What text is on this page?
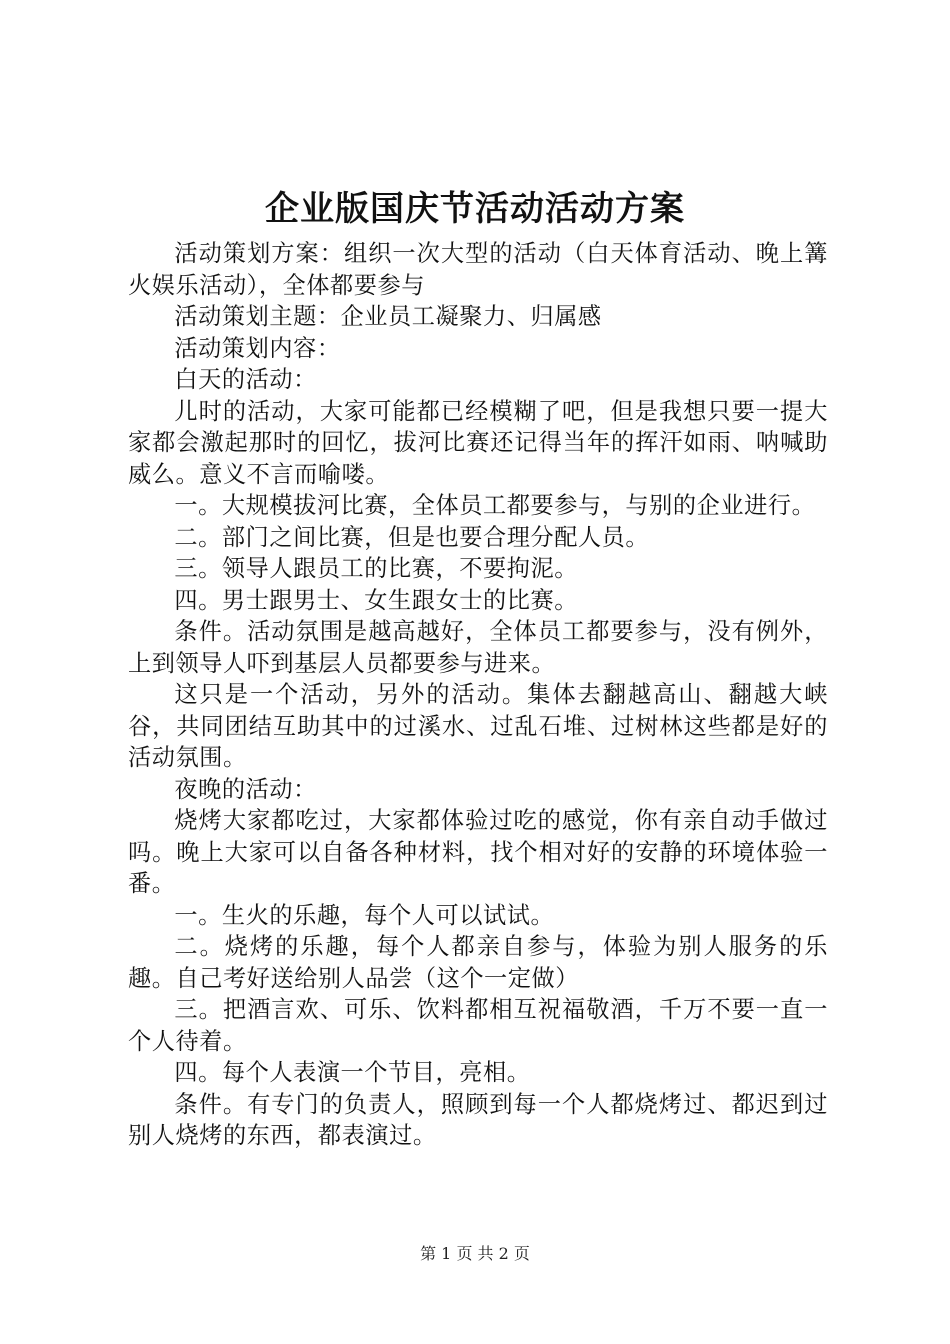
企业版国庆节活动活动方案

活动策划方案：组织一次大型的活动（白天体育活动、晚上篝火娱乐活动），全体都要参与

活动策划主题：企业员工凝聚力、归属感

活动策划内容：

白天的活动：

儿时的活动，大家可能都已经模糊了吧，但是我想只要一提大家都会激起那时的回忆，拔河比赛还记得当年的挥汗如雨、呐喊助威么。意义不言而喻喽。

一。大规模拔河比赛，全体员工都要参与，与别的企业进行。

二。部门之间比赛，但是也要合理分配人员。

三。领导人跟员工的比赛，不要拘泥。

四。男士跟男士、女生跟女士的比赛。

条件。活动氛围是越高越好，全体员工都要参与，没有例外，上到领导人吓到基层人员都要参与进来。

这只是一个活动，另外的活动。集体去翻越高山、翻越大峡谷，共同团结互助其中的过溪水、过乱石堆、过树林这些都是好的活动氛围。

夜晚的活动：

烧烤大家都吃过，大家都体验过吃的感觉，你有亲自动手做过吗。晚上大家可以自备各种材料，找个相对好的安静的环境体验一番。

一。生火的乐趣，每个人可以试试。

二。烧烤的乐趣，每个人都亲自参与，体验为别人服务的乐趣。自己考好送给别人品尝（这个一定做）

三。把酒言欢、可乐、饮料都相互祝福敬酒，千万不要一直一个人待着。

四。每个人表演一个节目，亮相。

条件。有专门的负责人，照顾到每一个人都烧烤过、都迟到过别人烧烤的东西，都表演过。

第 1 页 共 2 页
